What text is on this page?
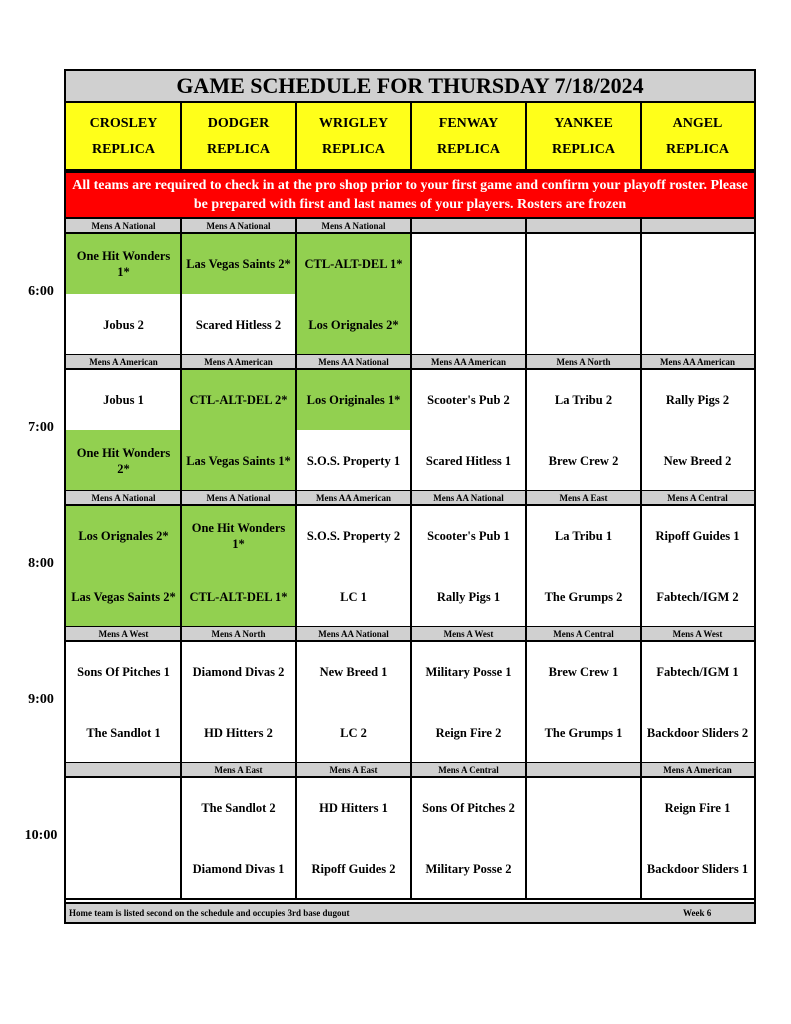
GAME SCHEDULE FOR THURSDAY 7/18/2024
CROSLEY
REPLICA
DODGER
REPLICA
WRIGLEY
REPLICA
FENWAY
REPLICA
YANKEE
REPLICA
ANGEL
REPLICA
All teams are required to check in at the pro shop prior to your first game and confirm your playoff roster. Please be prepared with first and last names of your players. Rosters are frozen
Mens A National
One Hit Wonders 1*
Jobus 2
Mens A National
Las Vegas Saints 2*
Scared Hitless 2
Mens A National
CTL-ALT-DEL 1*
Los Orignales 2*
Mens A American
Jobus 1
One Hit Wonders 2*
Mens A American
CTL-ALT-DEL 2*
Las Vegas Saints 1*
Mens AA National
Los Originales 1*
S.O.S. Property 1
Mens AA American
Scooter's Pub 2
Scared Hitless 1
Mens A North
La Tribu 2
Brew Crew 2
Mens AA American
Rally Pigs 2
New Breed 2
Mens A National
Los Orignales 2*
Las Vegas Saints 2*
Mens A National
One Hit Wonders 1*
CTL-ALT-DEL 1*
Mens AA American
S.O.S. Property 2
LC 1
Mens AA National
Scooter's Pub 1
Rally Pigs 1
Mens A East
La Tribu 1
The Grumps 2
Mens A Central
Ripoff Guides 1
Fabtech/IGM 2
Mens A West
Sons Of Pitches 1
The Sandlot 1
Mens A North
Diamond Divas 2
HD Hitters 2
Mens AA National
New Breed 1
LC 2
Mens A West
Military Posse 1
Reign Fire 2
Mens A Central
Brew Crew 1
The Grumps 1
Mens A West
Fabtech/IGM 1
Backdoor Sliders 2
Mens A East
The Sandlot 2
Diamond Divas 1
Mens A East
HD Hitters 1
Ripoff Guides 2
Mens A Central
Sons Of Pitches 2
Military Posse 2
Mens A American
Reign Fire 1
Backdoor Sliders 1
Home team is listed second on the schedule and occupies 3rd base dugout	Week 6
6:00
7:00
8:00
9:00
10:00
